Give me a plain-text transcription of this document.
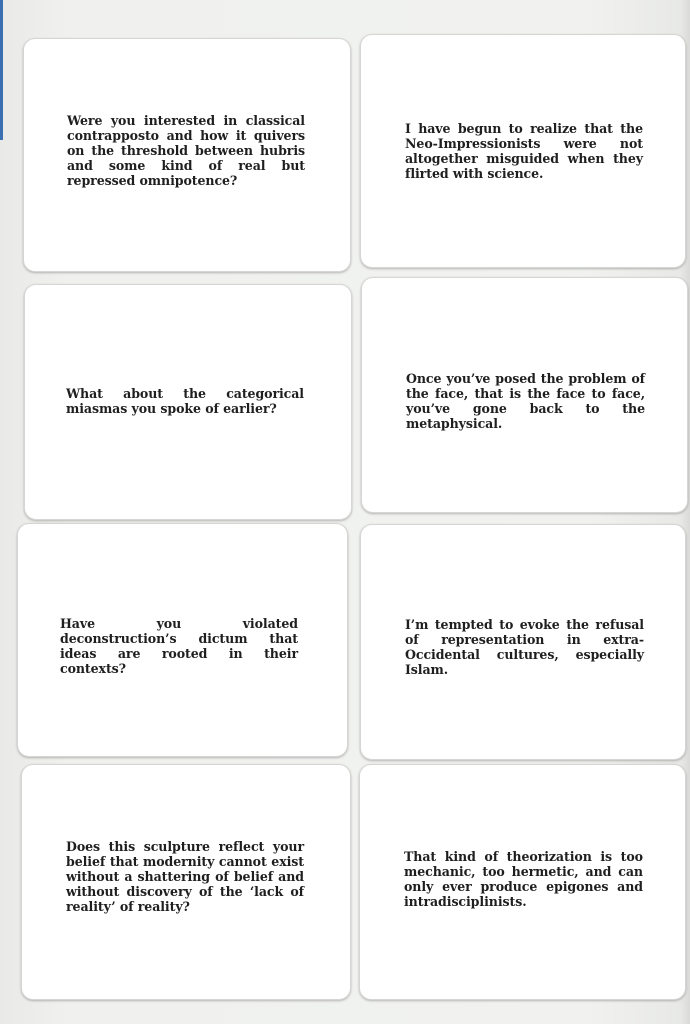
Were you interested in classical contrapposto and how it quivers on the threshold between hubris and some kind of real but repressed omnipotence?

I have begun to realize that the Neo-Impressionists were not altogether misguided when they flirted with science.

What about the categorical miasmas you spoke of earlier?

Once you’ve posed the problem of the face, that is the face to face, you’ve gone back to the metaphysical.

Have you violated deconstruction’s dictum that ideas are rooted in their contexts?

I’m tempted to evoke the refusal of representation in extra-Occidental cultures, especially Islam.

Does this sculpture reflect your belief that modernity cannot exist without a shattering of belief and without discovery of the ‘lack of reality’ of reality?

That kind of theorization is too mechanic, too hermetic, and can only ever produce epigones and intradisciplinists.
